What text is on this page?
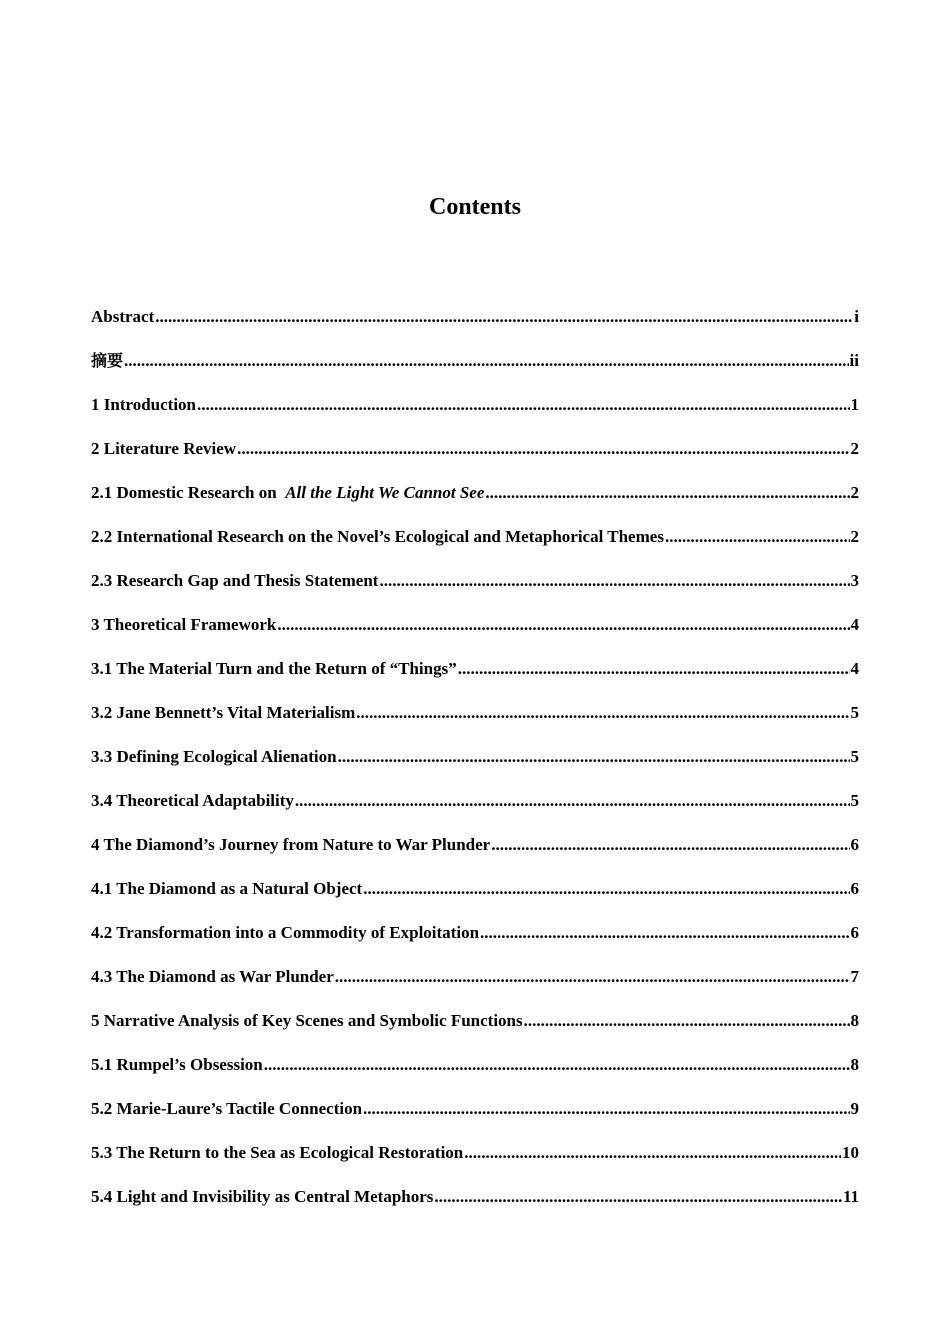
Contents
Abstract .....	i
摘要 .....	ii
1 Introduction .....	1
2 Literature Review .....	2
2.1 Domestic Research on  All the Light We Cannot See .....	2
2.2 International Research on the Novel’s Ecological and Metaphorical Themes .....	2
2.3 Research Gap and Thesis Statement .....	3
3 Theoretical Framework .....	4
3.1 The Material Turn and the Return of “Things” .....	4
3.2 Jane Bennett’s Vital Materialism .....	5
3.3 Defining Ecological Alienation .....	5
3.4 Theoretical Adaptability .....	5
4 The Diamond’s Journey from Nature to War Plunder .....	6
4.1 The Diamond as a Natural Object .....	6
4.2 Transformation into a Commodity of Exploitation .....	6
4.3 The Diamond as War Plunder .....	7
5 Narrative Analysis of Key Scenes and Symbolic Functions .....	8
5.1 Rumpel’s Obsession .....	8
5.2 Marie-Laure’s Tactile Connection .....	9
5.3 The Return to the Sea as Ecological Restoration .....	10
5.4 Light and Invisibility as Central Metaphors .....	11
